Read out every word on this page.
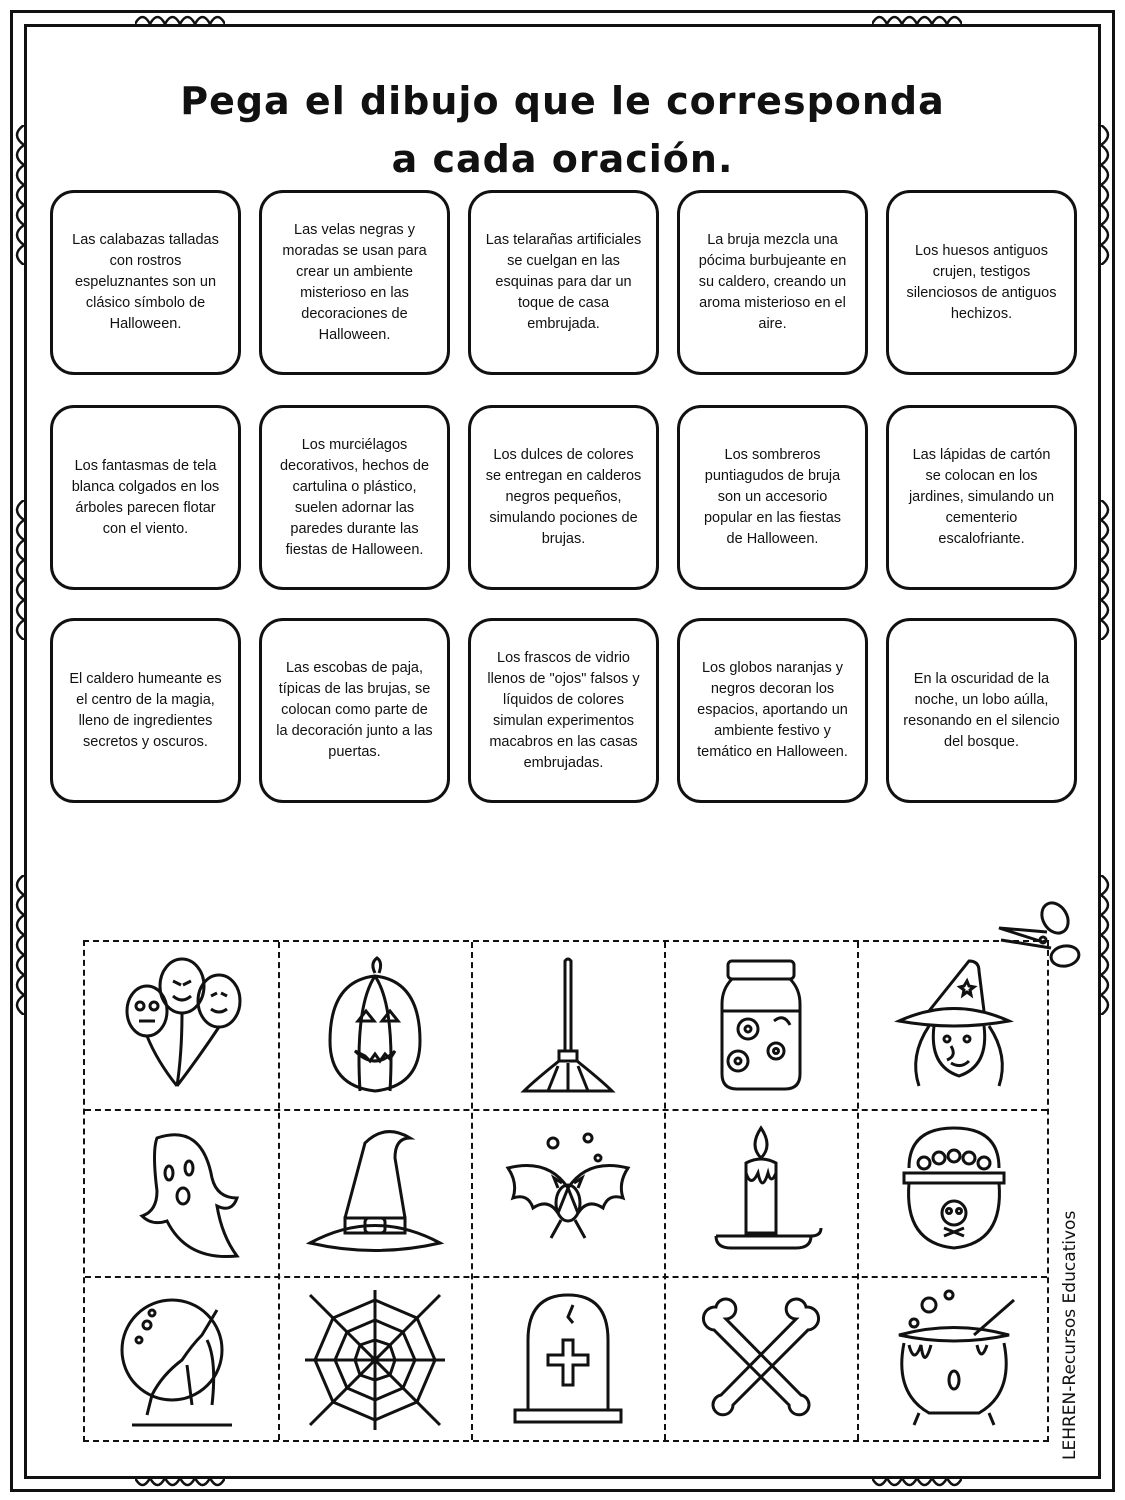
Pega el dibujo que le corresponda
a cada oración.
Las calabazas talladas con rostros espeluznantes son un clásico símbolo de Halloween.
Las velas negras y moradas se usan para crear un ambiente misterioso en las decoraciones de Halloween.
Las telarañas artificiales se cuelgan en las esquinas para dar un toque de casa embrujada.
La bruja mezcla una pócima burbujeante en su caldero, creando un aroma misterioso en el aire.
Los huesos antiguos crujen, testigos silenciosos de antiguos hechizos.
Los fantasmas de tela blanca colgados en los árboles parecen flotar con el viento.
Los murciélagos decorativos, hechos de cartulina o plástico, suelen adornar las paredes durante las fiestas de Halloween.
Los dulces de colores se entregan en calderos negros pequeños, simulando pociones de brujas.
Los sombreros puntiagudos de bruja son un accesorio popular en las fiestas de Halloween.
Las lápidas de cartón se colocan en los jardines, simulando un cementerio escalofriante.
El caldero humeante es el centro de la magia, lleno de ingredientes secretos y oscuros.
Las escobas de paja, típicas de las brujas, se colocan como parte de la decoración junto a las puertas.
Los frascos de vidrio llenos de "ojos" falsos y líquidos de colores simulan experimentos macabros en las casas embrujadas.
Los globos naranjas y negros decoran los espacios, aportando un ambiente festivo y temático en Halloween.
En la oscuridad de la noche, un lobo aúlla, resonando en el silencio del bosque.
LEHREN-Recursos Educativos
